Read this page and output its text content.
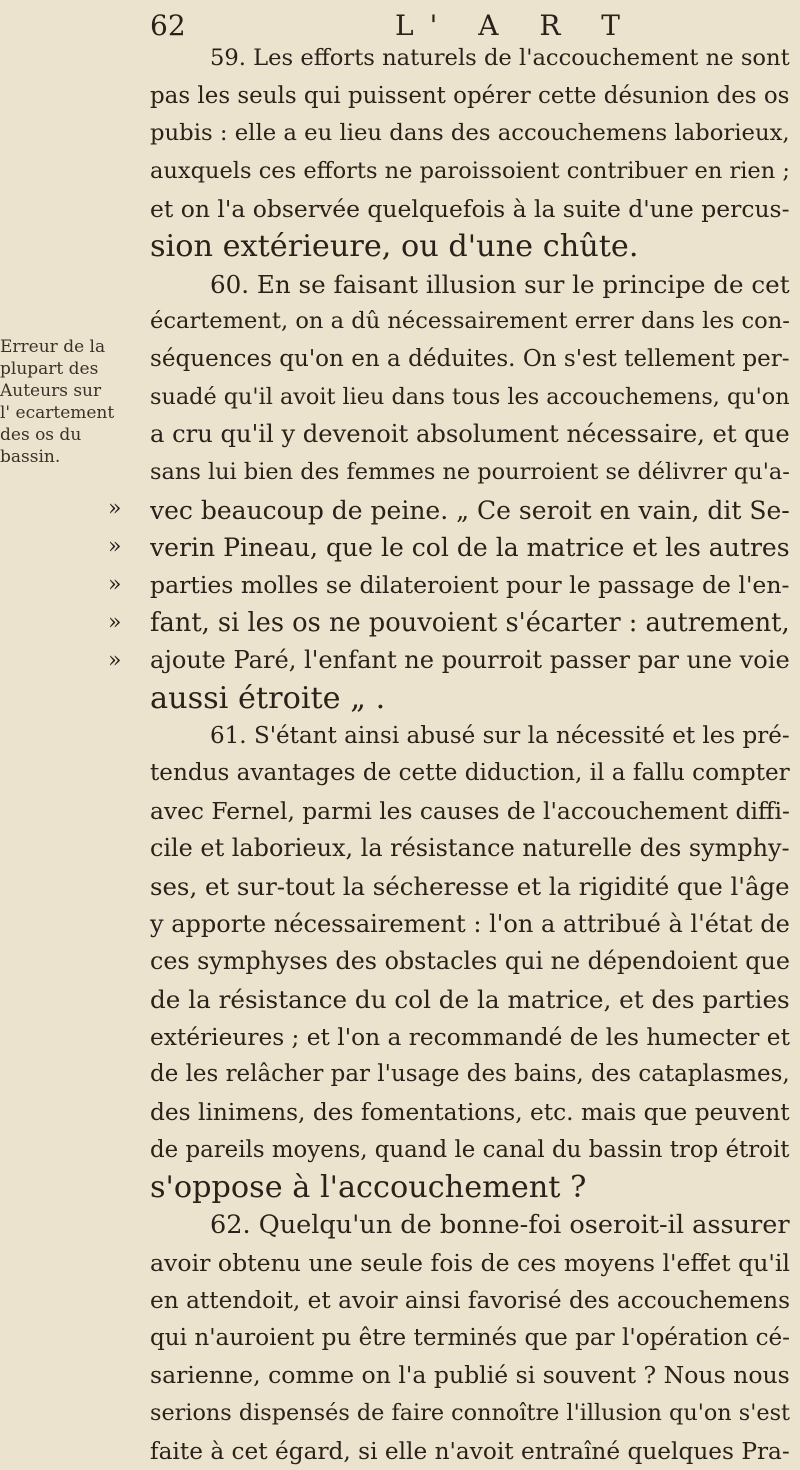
62	L' A R T
Erreur de la
plupart des
Auteurs sur
l' ecartement
des os du
bassin.
»
»
»
»
»
59. Les efforts naturels de l'accouchement ne sont
pas les seuls qui puissent opérer cette désunion des os
pubis : elle a eu lieu dans des accouchemens laborieux,
auxquels ces efforts ne paroissoient contribuer en rien ;
et on l'a observée quelquefois à la suite d'une percus-
sion extérieure, ou d'une chûte.
60. En se faisant illusion sur le principe de cet
écartement, on a dû nécessairement errer dans les con-
séquences qu'on en a déduites. On s'est tellement per-
suadé qu'il avoit lieu dans tous les accouchemens, qu'on
a cru qu'il y devenoit absolument nécessaire, et que
sans lui bien des femmes ne pourroient se délivrer qu'a-
vec beaucoup de peine. „ Ce seroit en vain, dit Se-
verin Pineau, que le col de la matrice et les autres
parties molles se dilateroient pour le passage de l'en-
fant, si les os ne pouvoient s'écarter : autrement,
ajoute Paré, l'enfant ne pourroit passer par une voie
aussi étroite „ .
61. S'étant ainsi abusé sur la nécessité et les pré-
tendus avantages de cette diduction, il a fallu compter
avec Fernel, parmi les causes de l'accouchement diffi-
cile et laborieux, la résistance naturelle des symphy-
ses, et sur-tout la sécheresse et la rigidité que l'âge
y apporte nécessairement : l'on a attribué à l'état de
ces symphyses des obstacles qui ne dépendoient que
de la résistance du col de la matrice, et des parties
extérieures ; et l'on a recommandé de les humecter et
de les relâcher par l'usage des bains, des cataplasmes,
des linimens, des fomentations, etc. mais que peuvent
de pareils moyens, quand le canal du bassin trop étroit
s'oppose à l'accouchement ?
62. Quelqu'un de bonne-foi oseroit-il assurer
avoir obtenu une seule fois de ces moyens l'effet qu'il
en attendoit, et avoir ainsi favorisé des accouchemens
qui n'auroient pu être terminés que par l'opération cé-
sarienne, comme on l'a publié si souvent ? Nous nous
serions dispensés de faire connoître l'illusion qu'on s'est
faite à cet égard, si elle n'avoit entraîné quelques Pra-
